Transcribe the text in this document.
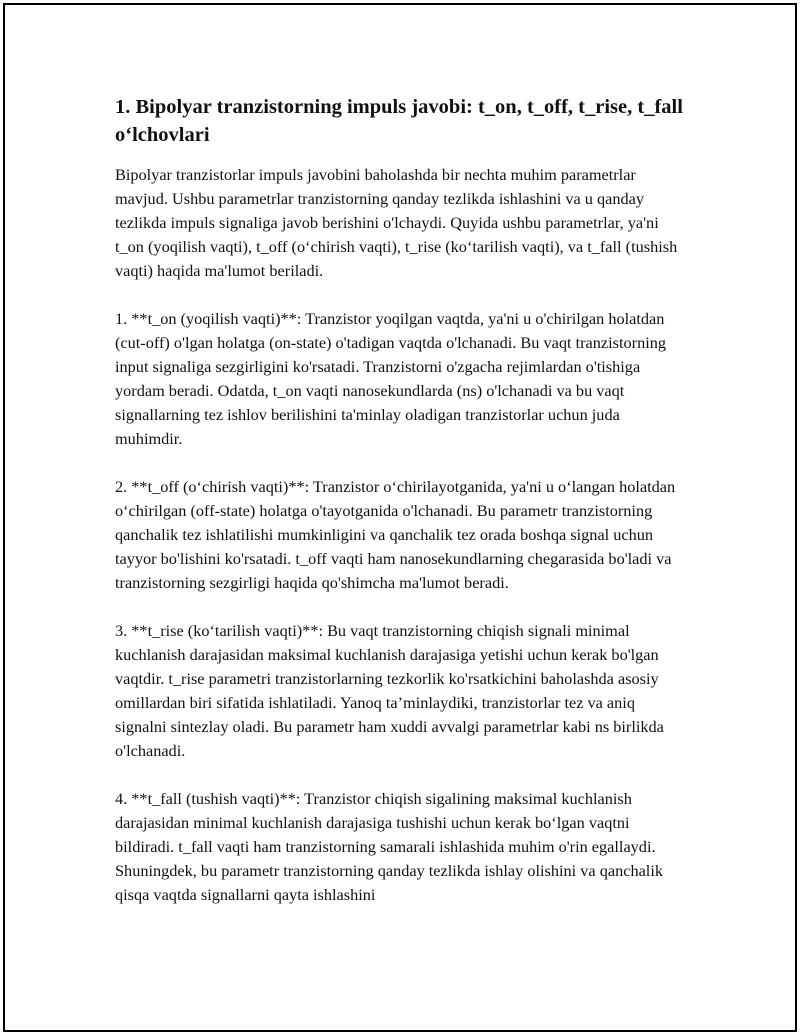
1. Bipolyar tranzistorning impuls javobi: t_on, t_off, t_rise, t_fall o‘lchovlari

Bipolyar tranzistorlar impuls javobini baholashda bir nechta muhim parametrlar mavjud. Ushbu parametrlar tranzistorning qanday tezlikda ishlashini va u qanday tezlikda impuls signaliga javob berishini o'lchaydi. Quyida ushbu parametrlar, ya'ni t_on (yoqilish vaqti), t_off (o‘chirish vaqti), t_rise (ko‘tarilish vaqti), va t_fall (tushish vaqti) haqida ma'lumot beriladi.

1. **t_on (yoqilish vaqti)**: Tranzistor yoqilgan vaqtda, ya'ni u o'chirilgan holatdan (cut-off) o'lgan holatga (on-state) o'tadigan vaqtda o'lchanadi. Bu vaqt tranzistorning input signaliga sezgirligini ko'rsatadi. Tranzistorni o'zgacha rejimlardan o'tishiga yordam beradi. Odatda, t_on vaqti nanosekundlarda (ns) o'lchanadi va bu vaqt signallarning tez ishlov berilishini ta'minlay oladigan tranzistorlar uchun juda muhimdir.

2. **t_off (o‘chirish vaqti)**: Tranzistor o‘chirilayotganida, ya'ni u o‘langan holatdan o‘chirilgan (off-state) holatga o'tayotganida o'lchanadi. Bu parametr tranzistorning qanchalik tez ishlatilishi mumkinligini va qanchalik tez orada boshqa signal uchun tayyor bo'lishini ko'rsatadi. t_off vaqti ham nanosekundlarning chegarasida bo'ladi va tranzistorning sezgirligi haqida qo'shimcha ma'lumot beradi.

3. **t_rise (ko‘tarilish vaqti)**: Bu vaqt tranzistorning chiqish signali minimal kuchlanish darajasidan maksimal kuchlanish darajasiga yetishi uchun kerak bo'lgan vaqtdir. t_rise parametri tranzistorlarning tezkorlik ko'rsatkichini baholashda asosiy omillardan biri sifatida ishlatiladi. Yanoq ta’minlaydiki, tranzistorlar tez va aniq signalni sintezlay oladi. Bu parametr ham xuddi avvalgi parametrlar kabi ns birlikda o'lchanadi.

4. **t_fall (tushish vaqti)**: Tranzistor chiqish sigalining maksimal kuchlanish darajasidan minimal kuchlanish darajasiga tushishi uchun kerak bo‘lgan vaqtni bildiradi. t_fall vaqti ham tranzistorning samarali ishlashida muhim o'rin egallaydi. Shuningdek, bu parametr tranzistorning qanday tezlikda ishlay olishini va qanchalik qisqa vaqtda signallarni qayta ishlashini
